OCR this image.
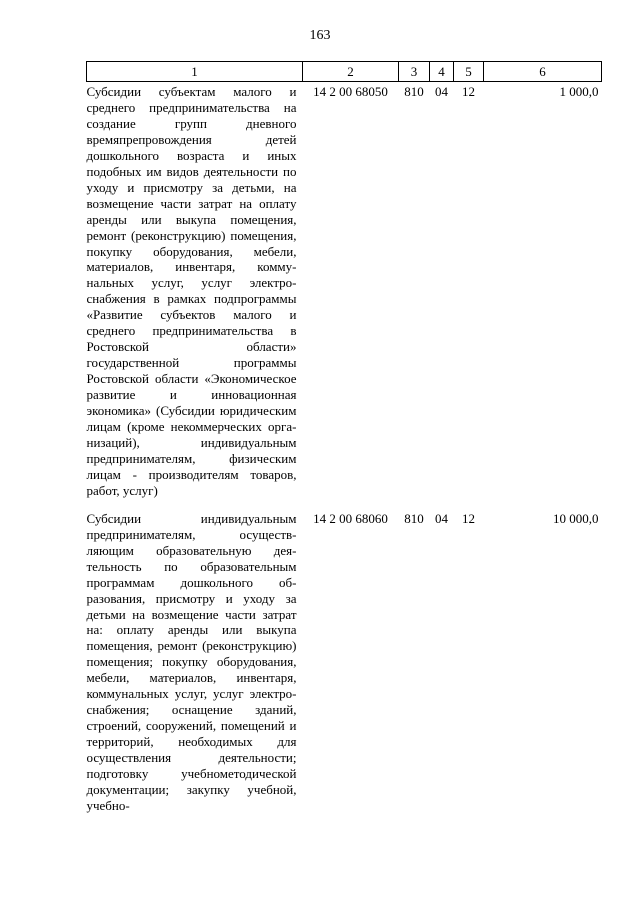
163
1	2	3	4	5	6
Субсидии субъектам малого и среднего предпринимательства на создание групп дневного времяпрепровождения детей дошкольного возраста и иных подобных им видов деятельности по уходу и присмотру за детьми, на возмещение части затрат на оплату аренды или выкупа помещения, ремонт (реконструкцию) помещения, покупку оборудования, мебели, материалов, инвентаря, коммунальных услуг, услуг электроснабжения в рамках подпрограммы «Развитие субъектов малого и среднего предпринимательства в Ростовской области» государственной программы Ростовской области «Экономическое развитие и инновационная экономика» (Субсидии юридическим лицам (кроме некоммерческих организаций), индивидуальным предпринимателям, физическим лицам - производителям товаров, работ, услуг)	14 2 00 68050	810	04	12	1 000,0
Субсидии индивидуальным предпринимателям, осуществляющим образовательную деятельность по образовательным программам дошкольного образования, присмотру и уходу за детьми на возмещение части затрат на: оплату аренды или выкупа помещения, ремонт (реконструкцию) помещения; покупку оборудования, мебели, материалов, инвентаря, коммунальных услуг, услуг электроснабжения; оснащение зданий, строений, сооружений, помещений и территорий, необходимых для осуществления деятельности; подготовку учебнометодической документации; закупку учебной, учебно-	14 2 00 68060	810	04	12	10 000,0
